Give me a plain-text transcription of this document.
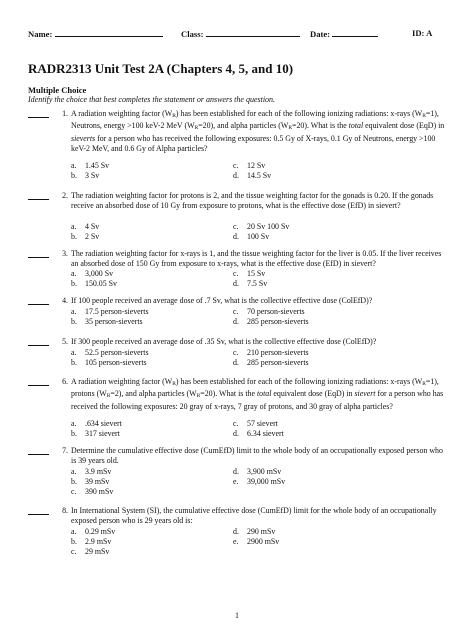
Name:	Class:	Date:	ID: A
RADR2313 Unit Test 2A (Chapters 4, 5, and 10)
Multiple Choice
Identify the choice that best completes the statement or answers the question.
1. A radiation weighting factor $(W_R)$ has been established for each of the following ionizing radiations: x-rays $(W_R=1)$, Neutrons, energy >100 keV-2 MeV $(W_R=20)$, and alpha particles $(W_R=20)$. What is the total equivalent dose (EqD) in sieverts for a person who has received the following exposures: 0.5 Gy of X-rays, 0.1 Gy of Neutrons, energy >100 keV-2 MeV, and 0.6 Gy of Alpha particles?
a. 1.45 Sv	c. 12 Sv
b. 3 Sv	d. 14.5 Sv
2. The radiation weighting factor for protons is 2, and the tissue weighting factor for the gonads is 0.20. If the gonads receive an absorbed dose of 10 Gy from exposure to protons, what is the effective dose (EfD) in sievert?
a. 4 Sv	c. 20 Sv 100 Sv
b. 2 Sv	d. 100 Sv
3. The radiation weighting factor for x-rays is 1, and the tissue weighting factor for the liver is 0.05. If the liver receives an absorbed dose of 150 Gy from exposure to x-rays, what is the effective dose (EfD) in sievert?
a. 3,000 Sv	c. 15 Sv
b. 150.05 Sv	d. 7.5 Sv
4. If 100 people received an average dose of .7 Sv, what is the collective effective dose (ColEfD)?
a. 17.5 person-sieverts	c. 70 person-sieverts
b. 35 person-sieverts	d. 285 person-sieverts
5. If 300 people received an average dose of .35 Sv, what is the collective effective dose (ColEfD)?
a. 52.5 person-sieverts	c. 210 person-sieverts
b. 105 person-sieverts	d. 285 person-sieverts
6. A radiation weighting factor $(W_R)$ has been established for each of the following ionizing radiations: x-rays $(W_R=1)$, protons $(W_R=2)$, and alpha particles $(W_R=20)$. What is the total equivalent dose (EqD) in sievert for a person who has received the following exposures: 20 gray of x-rays, 7 gray of protons, and 30 gray of alpha particles?
a. .634 sievert	c. 57 sievert
b. 317 sievert	d. 6.34 sievert
7. Determine the cumulative effective dose (CumEfD) limit to the whole body of an occupationally exposed person who is 39 years old.
a. 3.9 mSv	d. 3,900 mSv
b. 39 mSv	e. 39,000 mSv
c. 390 mSv
8. In International System (SI), the cumulative effective dose (CumEfD) limit for the whole body of an occupationally exposed person who is 29 years old is:
a. 0.29 mSv	d. 290 mSv
b. 2.9 mSv	e. 2900 mSv
c. 29 mSv
1
